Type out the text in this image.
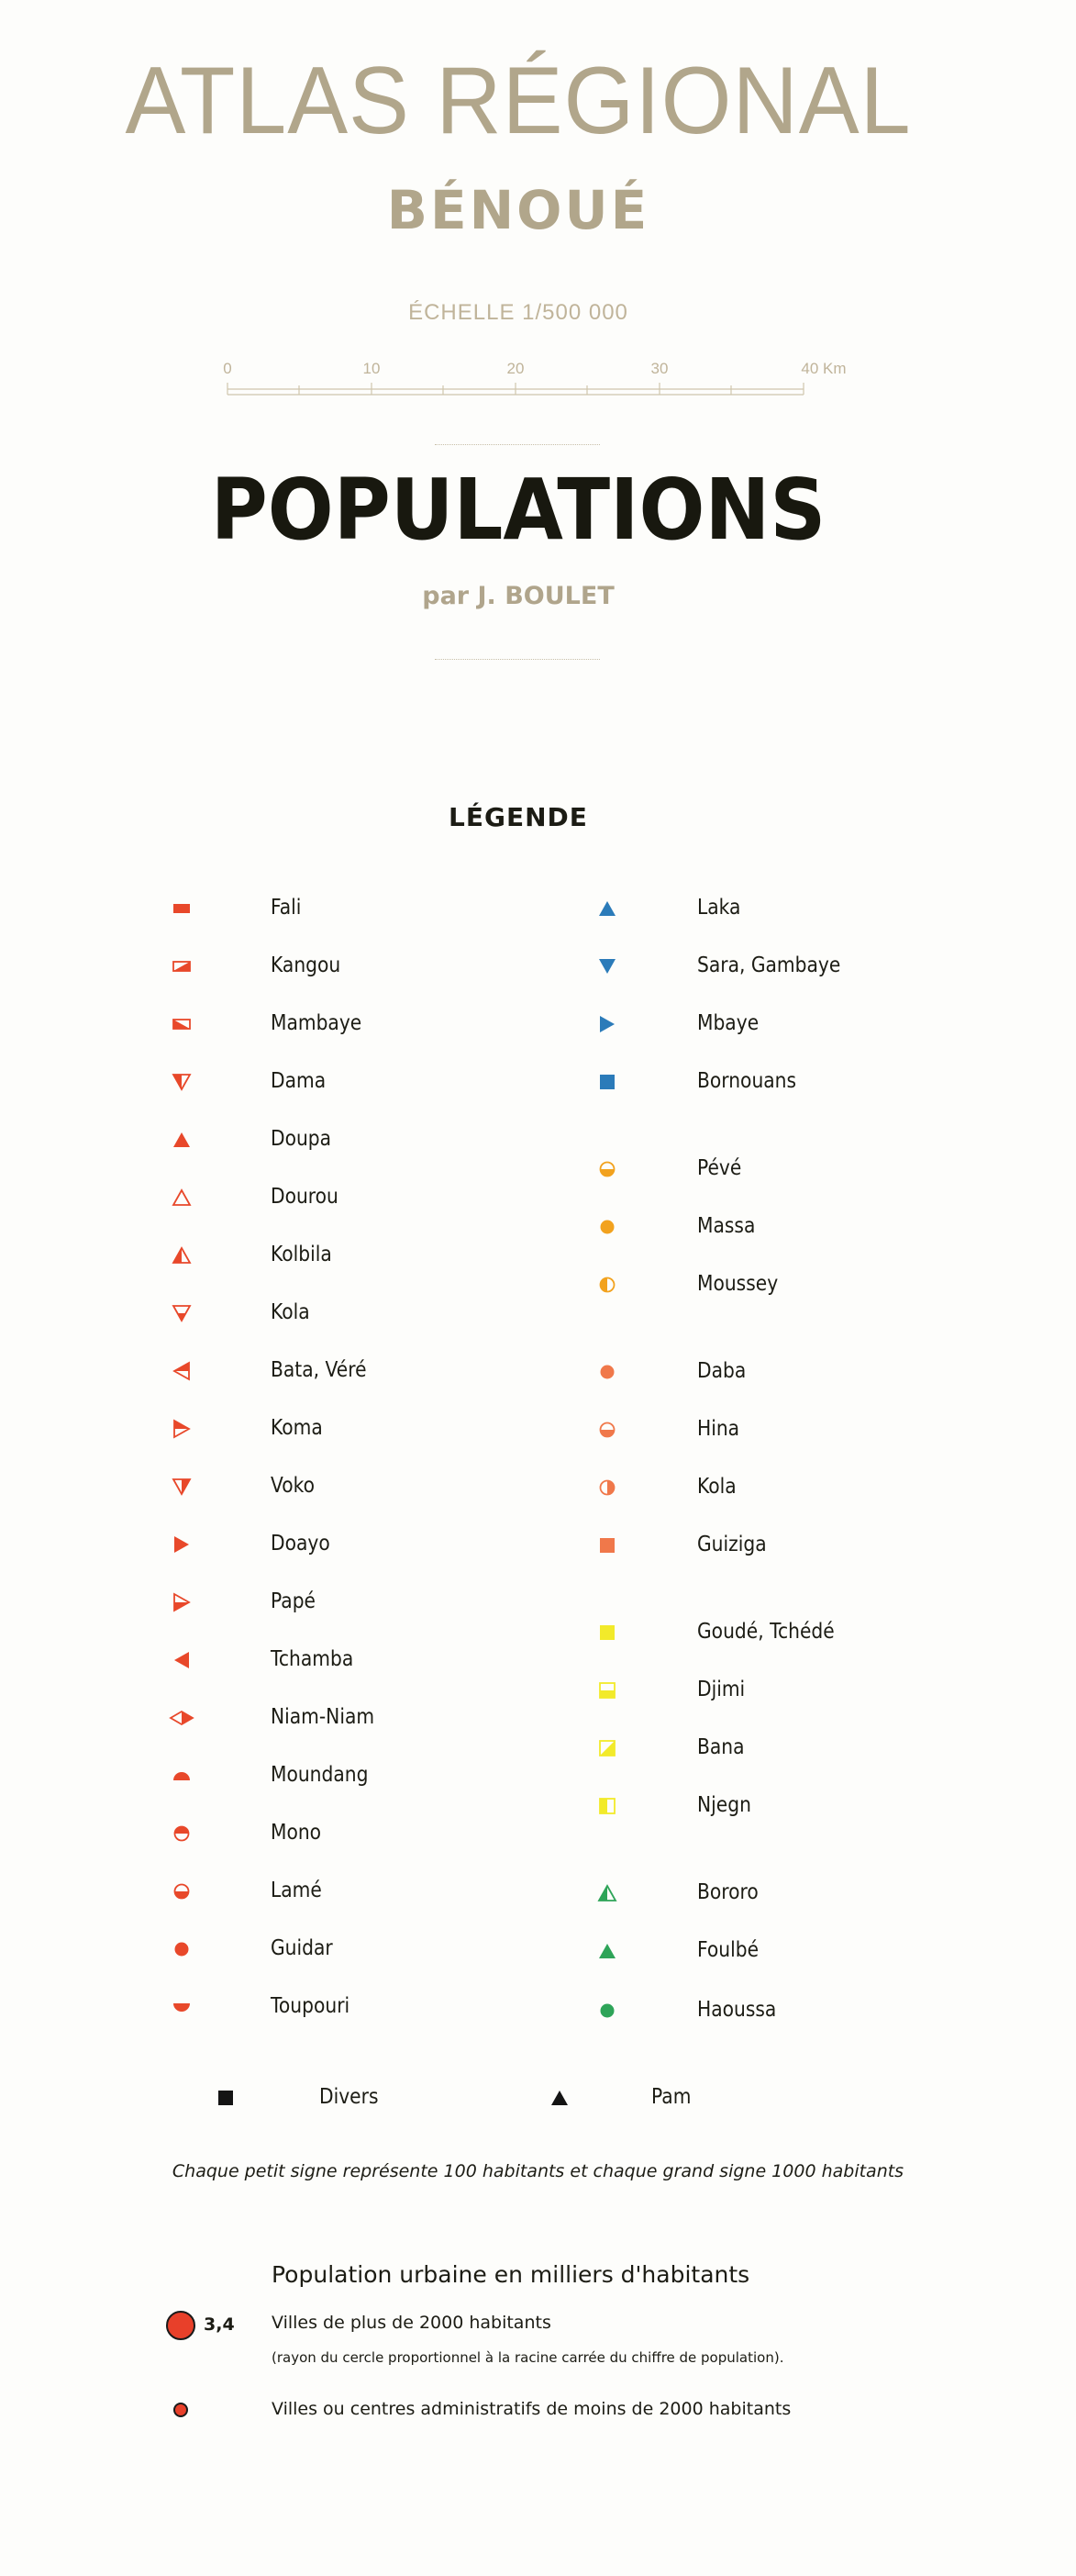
ATLAS RÉGIONAL
BÉNOUÉ
ÉCHELLE 1/500 000
0	10	20	30	40 Km
POPULATIONS
par J. BOULET
LÉGENDE
Fali
Kangou
Mambaye
Dama
Doupa
Dourou
Kolbila
Kola
Bata, Véré
Koma
Voko
Doayo
Papé
Tchamba
Niam-Niam
Moundang
Mono
Lamé
Guidar
Toupouri
Laka
Sara, Gambaye
Mbaye
Bornouans
Pévé
Massa
Moussey
Daba
Hina
Kola
Guiziga
Goudé, Tchédé
Djimi
Bana
Njegn
Bororo
Foulbé
Haoussa
Divers	Pam
Chaque petit signe représente 100 habitants et chaque grand signe 1000 habitants
Population urbaine en milliers d'habitants
3,4 Villes de plus de 2000 habitants
(rayon du cercle proportionnel à la racine carrée du chiffre de population).
Villes ou centres administratifs de moins de 2000 habitants
